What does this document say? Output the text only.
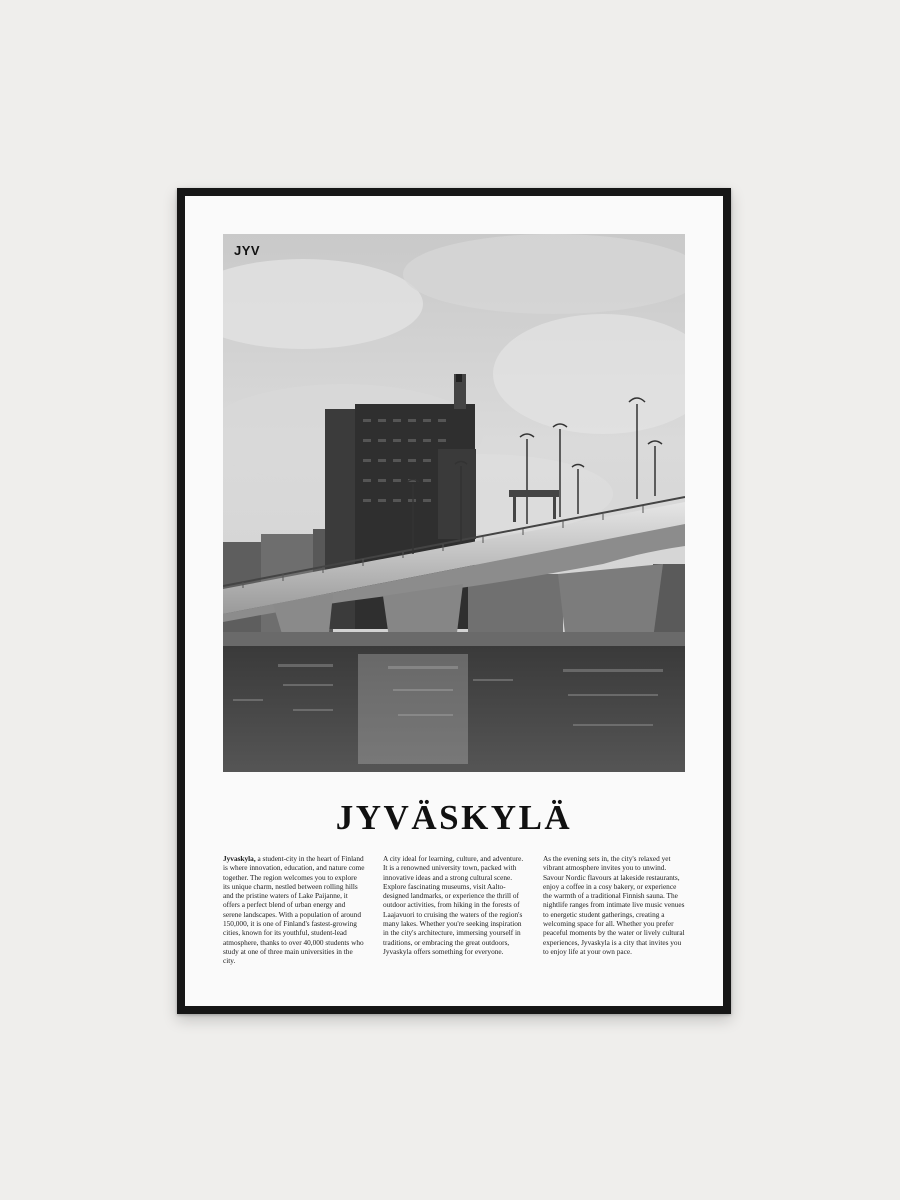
JYV
JYVÄSKYLÄ
Jyvaskyla, a student-city in the heart of Finland is where innovation, education, and nature come together. The region welcomes you to explore its unique charm, nestled between rolling hills and the pristine waters of Lake Paijanne, it offers a perfect blend of urban energy and serene landscapes. With a population of around 150,000, it is one of Finland's fastest-growing cities, known for its youthful, student-lead atmosphere, thanks to over 40,000 students who study at one of three main universities in the city.
A city ideal for learning, culture, and adventure. It is a renowned university town, packed with innovative ideas and a strong cultural scene. Explore fascinating museums, visit Aalto-designed landmarks, or experience the thrill of outdoor activities, from hiking in the forests of Laajavuori to cruising the waters of the region's many lakes. Whether you're seeking inspiration in the city's architecture, immersing yourself in traditions, or embracing the great outdoors, Jyvaskyla offers something for everyone.
As the evening sets in, the city's relaxed yet vibrant atmosphere invites you to unwind. Savour Nordic flavours at lakeside restaurants, enjoy a coffee in a cosy bakery, or experience the warmth of a traditional Finnish sauna. The nightlife ranges from intimate live music venues to energetic student gatherings, creating a welcoming space for all. Whether you prefer peaceful moments by the water or lively cultural experiences, Jyvaskyla is a city that invites you to enjoy life at your own pace.
